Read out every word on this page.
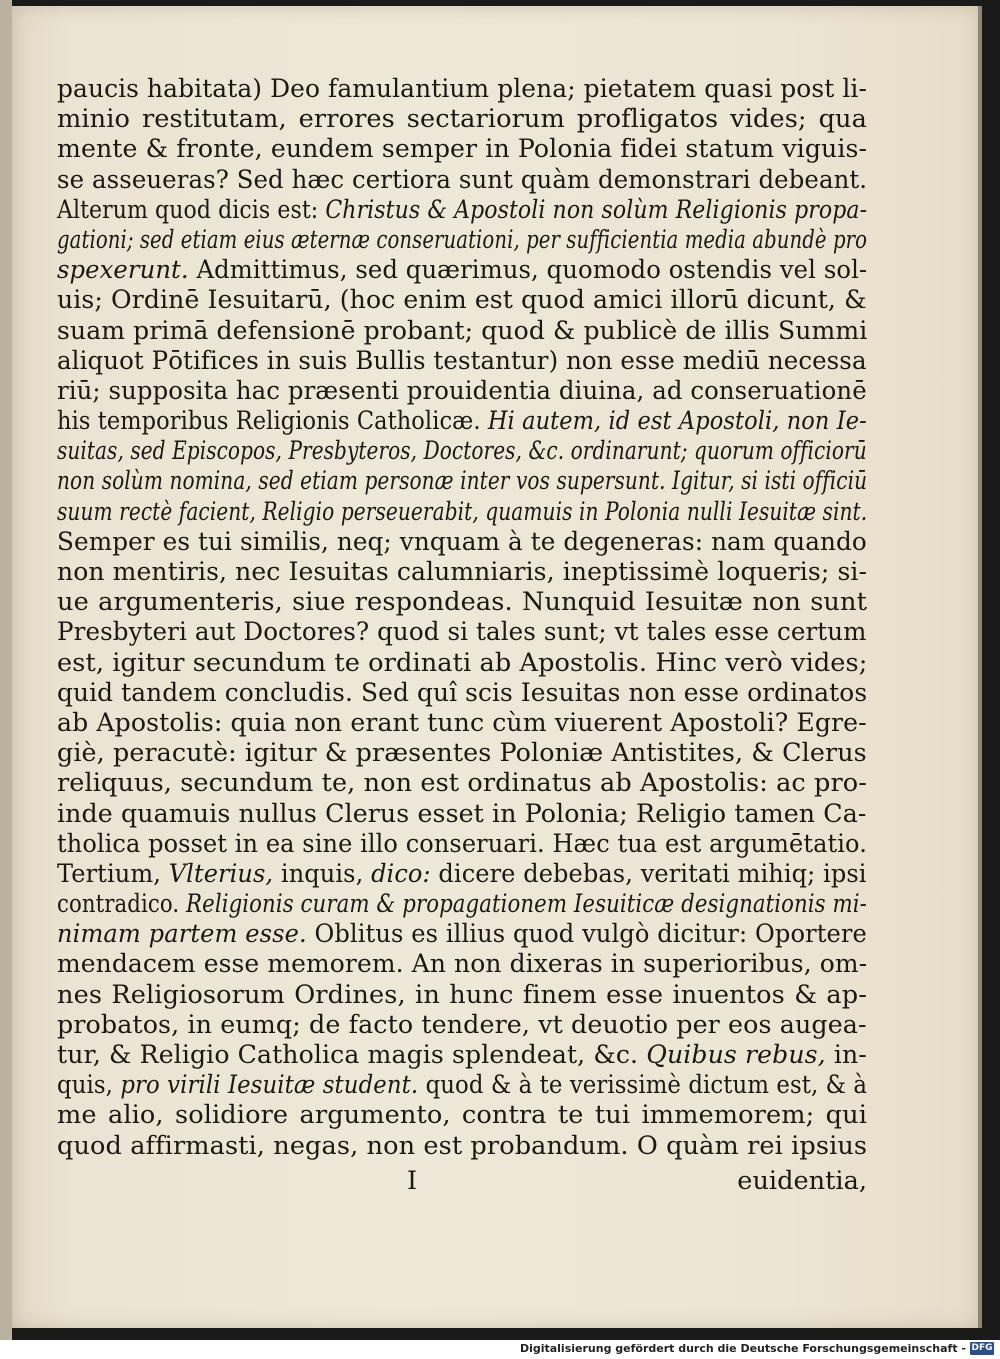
paucis habitata) Deo famulantium plena; pietatem quasi post li-
minio restitutam, errores sectariorum profligatos vides; qua
mente & fronte, eundem semper in Polonia fidei statum viguis-
se asseueras? Sed hæc certiora sunt quàm demonstrari debeant.
Alterum quod dicis est: Christus & Apostoli non solùm Religionis propa-
gationi; sed etiam eius æternæ conseruationi, per sufficientia media abundè pro
spexerunt. Admittimus, sed quærimus, quomodo ostendis vel sol-
uis; Ordinē Iesuitarū, (hoc enim est quod amici illorū dicunt, &
suam primā defensionē probant; quod & publicè de illis Summi
aliquot Pōtifices in suis Bullis testantur) non esse mediū necessa
riū; supposita hac præsenti prouidentia diuina, ad conseruationē
his temporibus Religionis Catholicæ. Hi autem, id est Apostoli, non Ie-
suitas, sed Episcopos, Presbyteros, Doctores, &c. ordinarunt; quorum officiorū
non solùm nomina, sed etiam personæ inter vos supersunt. Igitur, si isti officiū
suum rectè facient, Religio perseuerabit, quamuis in Polonia nulli Iesuitæ sint.
Semper es tui similis, neq; vnquam à te degeneras: nam quando
non mentiris, nec Iesuitas calumniaris, ineptissimè loqueris; si-
ue argumenteris, siue respondeas. Nunquid Iesuitæ non sunt
Presbyteri aut Doctores? quod si tales sunt; vt tales esse certum
est, igitur secundum te ordinati ab Apostolis. Hinc verò vides;
quid tandem concludis. Sed quî scis Iesuitas non esse ordinatos
ab Apostolis: quia non erant tunc cùm viuerent Apostoli? Egre-
giè, peracutè: igitur & præsentes Poloniæ Antistites, & Clerus
reliquus, secundum te, non est ordinatus ab Apostolis: ac pro-
inde quamuis nullus Clerus esset in Polonia; Religio tamen Ca-
tholica posset in ea sine illo conseruari. Hæc tua est argumētatio.
Tertium, Vlterius, inquis, dico: dicere debebas, veritati mihiq; ipsi
contradico. Religionis curam & propagationem Iesuiticæ designationis mi-
nimam partem esse. Oblitus es illius quod vulgò dicitur: Oportere
mendacem esse memorem. An non dixeras in superioribus, om-
nes Religiosorum Ordines, in hunc finem esse inuentos & ap-
probatos, in eumq; de facto tendere, vt deuotio per eos augea-
tur, & Religio Catholica magis splendeat, &c. Quibus rebus, in-
quis, pro virili Iesuitæ student. quod & à te verissimè dictum est, & à
me alio, solidiore argumento, contra te tui immemorem; qui
quod affirmasti, negas, non est probandum. O quàm rei ipsius
I	euidentia,
Digitalisierung gefördert durch die Deutsche Forschungsgemeinschaft - DFG
